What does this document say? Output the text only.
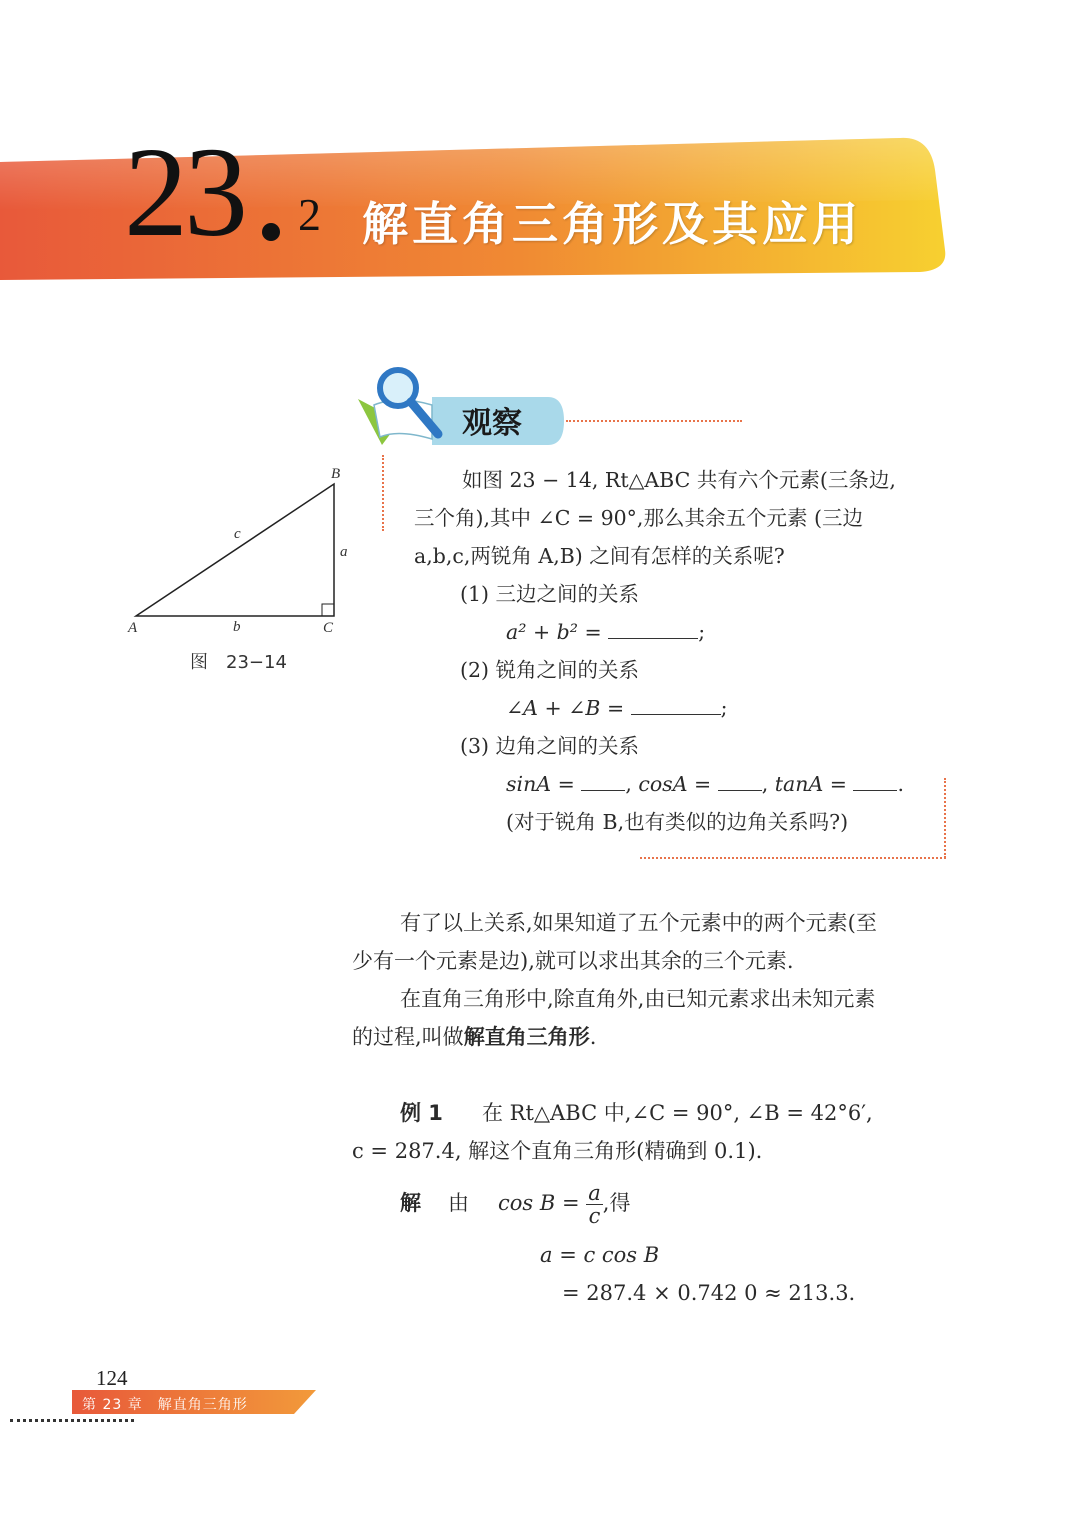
23 2 解直角三角形及其应用
观察
B
A	C
c
a
b
图　23−14
如图 23 − 14, Rt△ABC 共有六个元素(三条边,
三个角),其中 ∠C = 90°,那么其余五个元素 (三边
a,b,c,两锐角 A,B) 之间有怎样的关系呢?
(1) 三边之间的关系
a² + b² =	;
(2) 锐角之间的关系
∠A + ∠B =	;
(3) 边角之间的关系
sinA = , cosA = , tanA = .
(对于锐角 B,也有类似的边角关系吗?)
有了以上关系,如果知道了五个元素中的两个元素(至
少有一个元素是边),就可以求出其余的三个元素.
在直角三角形中,除直角外,由已知元素求出未知元素
的过程,叫做解直角三角形.
例 1 在 Rt△ABC 中,∠C = 90°, ∠B = 42°6′,
c = 287.4, 解这个直角三角形(精确到 0.1).
解 由 $\cos B = \frac{a}{c}$ ,得
a = c cos B
= 287.4 × 0.742 0 ≈ 213.3.
124
第 23 章　解直角三角形
